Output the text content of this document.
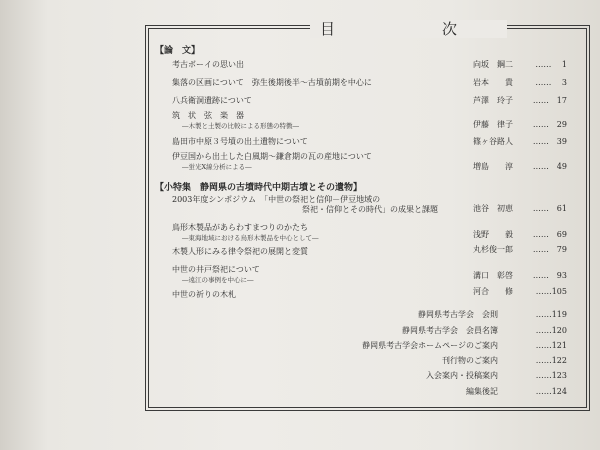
目　次
【論　文】
考古ボーイの思い出	向坂　鋼二	……　 1
集落の区画について　弥生後期後半～古墳前期を中心に	岩本　　貴	……　 3
八兵衛洞遺跡について	芦澤　玲子	……　17
筑　状　弦　楽　器
―木製と土製の比較による形態の特徴―	伊藤　律子	……　29
島田市中原３号墳の出土遺物について	篠ヶ谷路人	……　39
伊豆国から出土した白風期～鎌倉期の瓦の産地について
―蛍光X線分析による―	増島　　淳	……　49
【小特集　静岡県の古墳時代中期古墳とその遺物】
2003年度シンポジウム　「中世の祭祀と信仰－伊豆地域の
祭祀・信仰とその時代」の成果と課題	池谷　初恵	……　61
鳥形木製品があらわすまつりのかたち
―東海地域における鳥形木製品を中心として―	浅野　　毅	……　69
木製人形にみる律令祭祀の展開と変質	丸杉俊一郎	……　79
中世の井戸祭祀について
―遠江の事例を中心に―	溝口　彰啓	……　93
中世の祈りの木札	河合　　修	……105
静岡県考古学会　会則	……119
静岡県考古学会　会員名簿	……120
静岡県考古学会ホームページのご案内	……121
刊行物のご案内	……122
入会案内・投稿案内	……123
編集後記	……124
